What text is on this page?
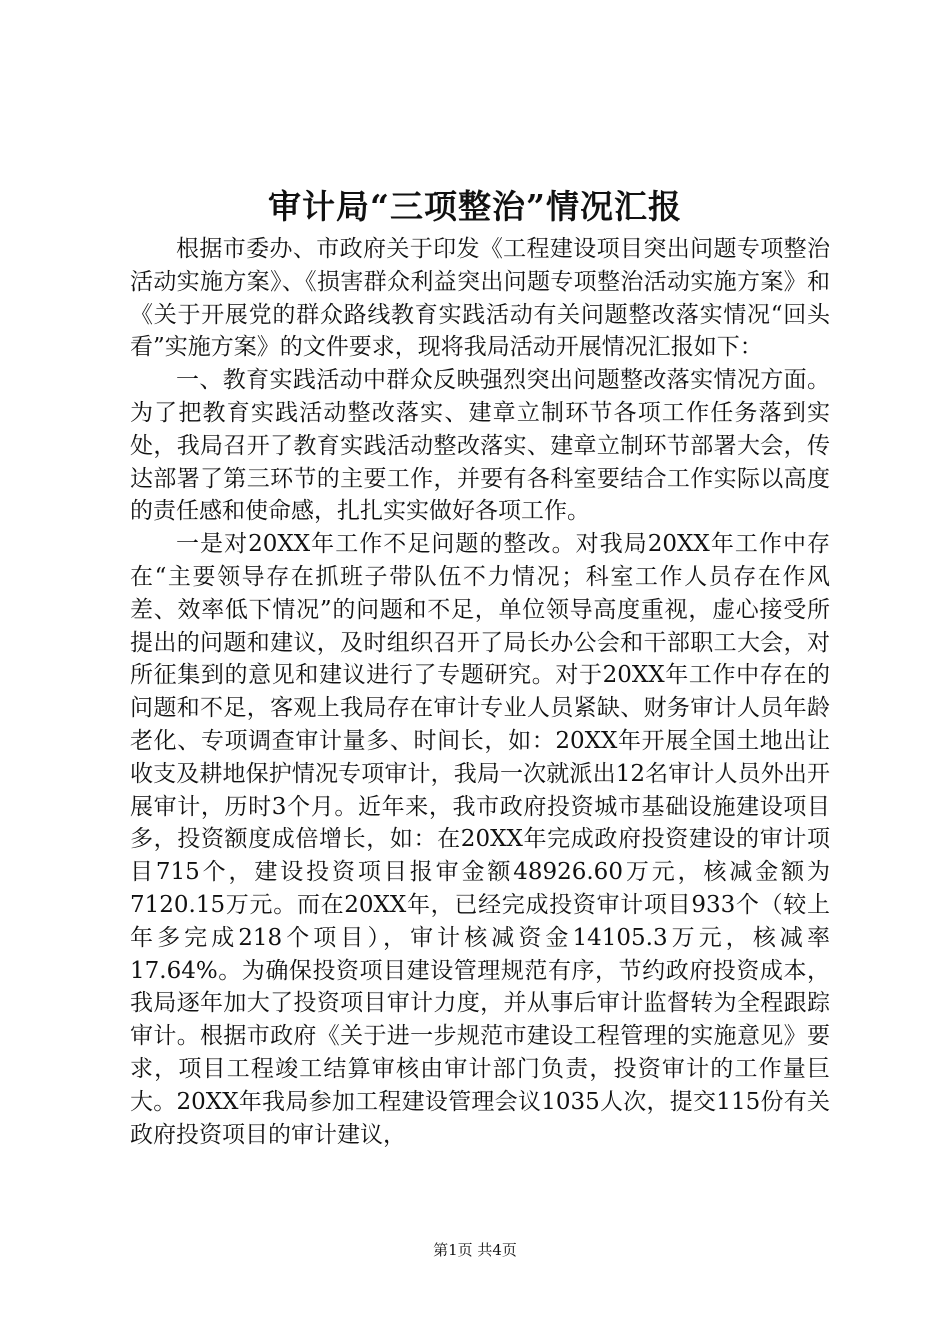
审计局“三项整治”情况汇报

根据市委办、市政府关于印发《工程建设项目突出问题专项整治活动实施方案》、《损害群众利益突出问题专项整治活动实施方案》和《关于开展党的群众路线教育实践活动有关问题整改落实情况“回头看”实施方案》的文件要求，现将我局活动开展情况汇报如下：

一、教育实践活动中群众反映强烈突出问题整改落实情况方面。为了把教育实践活动整改落实、建章立制环节各项工作任务落到实处，我局召开了教育实践活动整改落实、建章立制环节部署大会，传达部署了第三环节的主要工作，并要有各科室要结合工作实际以高度的责任感和使命感，扎扎实实做好各项工作。

一是对20XX年工作不足问题的整改。对我局20XX年工作中存在“主要领导存在抓班子带队伍不力情况；科室工作人员存在作风差、效率低下情况”的问题和不足，单位领导高度重视，虚心接受所提出的问题和建议，及时组织召开了局长办公会和干部职工大会，对所征集到的意见和建议进行了专题研究。对于20XX年工作中存在的问题和不足，客观上我局存在审计专业人员紧缺、财务审计人员年龄老化、专项调查审计量多、时间长，如：20XX年开展全国土地出让收支及耕地保护情况专项审计，我局一次就派出12名审计人员外出开展审计，历时3个月。近年来，我市政府投资城市基础设施建设项目多，投资额度成倍增长，如：在20XX年完成政府投资建设的审计项目715个，建设投资项目报审金额48926.60万元，核减金额为7120.15万元。而在20XX年，已经完成投资审计项目933个（较上年多完成218个项目），审计核减资金14105.3万元，核减率17.64%。为确保投资项目建设管理规范有序，节约政府投资成本，我局逐年加大了投资项目审计力度，并从事后审计监督转为全程跟踪审计。根据市政府《关于进一步规范市建设工程管理的实施意见》要求，项目工程竣工结算审核由审计部门负责，投资审计的工作量巨大。20XX年我局参加工程建设管理会议1035人次，提交115份有关政府投资项目的审计建议，

第1页 共4页
